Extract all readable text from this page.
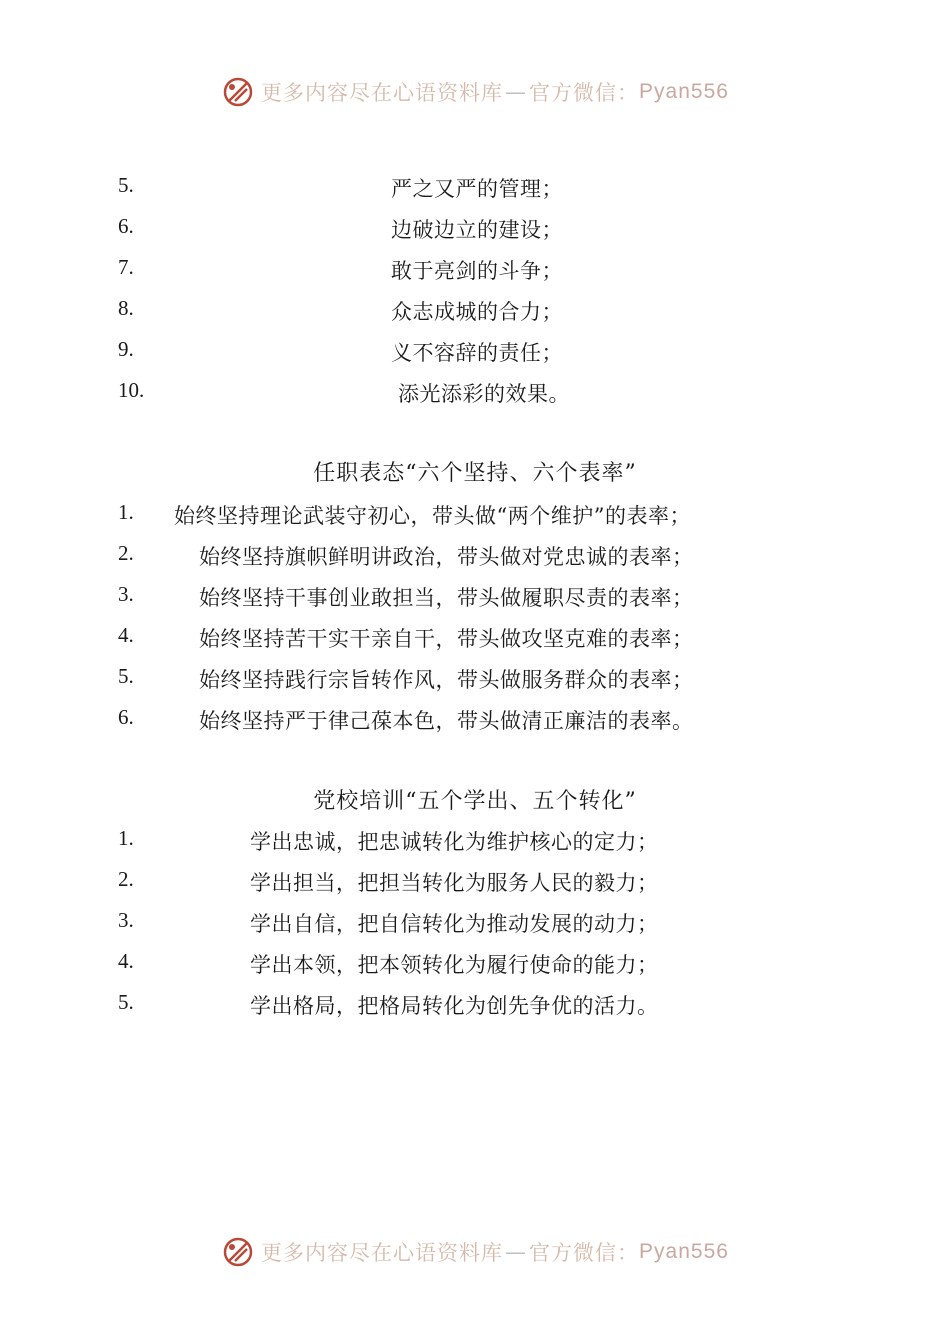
更多内容尽在心语资料库 — 官方微信： Pyan556
5.	严之又严的管理；
6.	边破边立的建设；
7.	敢于亮剑的斗争；
8.	众志成城的合力；
9.	义不容辞的责任；
10.	添光添彩的效果。
任职表态“六个坚持、六个表率”
1. 始终坚持理论武装守初心，带头做“两个维护”的表率；
2.	始终坚持旗帜鲜明讲政治，带头做对党忠诚的表率；
3.	始终坚持干事创业敢担当，带头做履职尽责的表率；
4.	始终坚持苦干实干亲自干，带头做攻坚克难的表率；
5.	始终坚持践行宗旨转作风，带头做服务群众的表率；
6.	始终坚持严于律己葆本色，带头做清正廉洁的表率。
党校培训“五个学出、五个转化”
1.	学出忠诚，把忠诚转化为维护核心的定力；
2.	学出担当，把担当转化为服务人民的毅力；
3.	学出自信，把自信转化为推动发展的动力；
4.	学出本领，把本领转化为履行使命的能力；
5.	学出格局，把格局转化为创先争优的活力。
更多内容尽在心语资料库 — 官方微信： Pyan556
